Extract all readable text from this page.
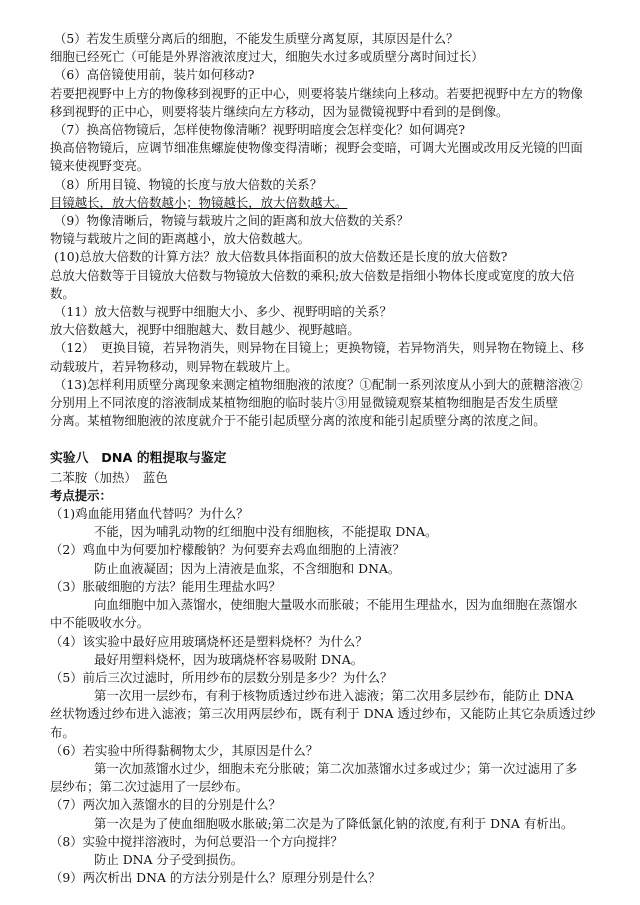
（5）若发生质壁分离后的细胞，不能发生质壁分离复原，其原因是什么？
细胞已经死亡（可能是外界溶液浓度过大，细胞失水过多或质壁分离时间过长）
（6）高倍镜使用前，装片如何移动?
若要把视野中上方的物像移到视野的正中心，则要将装片继续向上移动。若要把视野中左方的物像
移到视野的正中心，则要将装片继续向左方移动，因为显微镜视野中看到的是倒像。
（7）换高倍物镜后，怎样使物像清晰？视野明暗度会怎样变化？如何调亮?
换高倍物镜后，应调节细准焦螺旋使物像变得清晰；视野会变暗，可调大光圈或改用反光镜的凹面
镜来使视野变亮。
（8）所用目镜、物镜的长度与放大倍数的关系？
目镜越长，放大倍数越小；物镜越长，放大倍数越大。
（9）物像清晰后，物镜与载玻片之间的距离和放大倍数的关系？
物镜与载玻片之间的距离越小，放大倍数越大。
(10)总放大倍数的计算方法？放大倍数具体指面积的放大倍数还是长度的放大倍数?
总放大倍数等于目镜放大倍数与物镜放大倍数的乘积;放大倍数是指细小物体长度或宽度的放大倍
数。
（11）放大倍数与视野中细胞大小、多少、视野明暗的关系？
放大倍数越大，视野中细胞越大、数目越少、视野越暗。
（12）　更换目镜，若异物消失，则异物在目镜上；更换物镜，若异物消失，则异物在物镜上、移
动载玻片，若异物移动，则异物在载玻片上。
（13)怎样利用质壁分离现象来测定植物细胞液的浓度？①配制一系列浓度从小到大的蔗糖溶液②
分别用上不同浓度的溶液制成某植物细胞的临时装片③用显微镜观察某植物细胞是否发生质壁
分离。某植物细胞液的浓度就介于不能引起质壁分离的浓度和能引起质壁分离的浓度之间。
实验八　DNA 的粗提取与鉴定
二苯胺（加热）　蓝色
考点提示：
（1)鸡血能用猪血代替吗？为什么？
不能，因为哺乳动物的红细胞中没有细胞核，不能提取 DNA。
（2）鸡血中为何要加柠檬酸钠？为何要弃去鸡血细胞的上清液？
防止血液凝固；因为上清液是血浆，不含细胞和 DNA。
（3）胀破细胞的方法？能用生理盐水吗？
向血细胞中加入蒸馏水，使细胞大量吸水而胀破；不能用生理盐水，因为血细胞在蒸馏水
中不能吸收水分。
（4）该实验中最好应用玻璃烧杯还是塑料烧杯？为什么？
最好用塑料烧杯，因为玻璃烧杯容易吸附 DNA。
（5）前后三次过滤时，所用纱布的层数分别是多少？为什么？
第一次用一层纱布，有利于核物质透过纱布进入滤液；第二次用多层纱布，能防止 DNA
丝状物透过纱布进入滤液；第三次用两层纱布，既有利于 DNA 透过纱布，又能防止其它杂质透过纱
布。
（6）若实验中所得黏稠物太少，其原因是什么？
第一次加蒸馏水过少，细胞未充分胀破；第二次加蒸馏水过多或过少；第一次过滤用了多
层纱布；第二次过滤用了一层纱布。
（7）两次加入蒸馏水的目的分别是什么？
第一次是为了使血细胞吸水胀破;第二次是为了降低氯化钠的浓度,有利于 DNA 有析出。
（8）实验中搅拌溶液时，为何总要沿一个方向搅拌？
防止 DNA 分子受到损伤。
（9）两次析出 DNA 的方法分别是什么？原理分别是什么？
